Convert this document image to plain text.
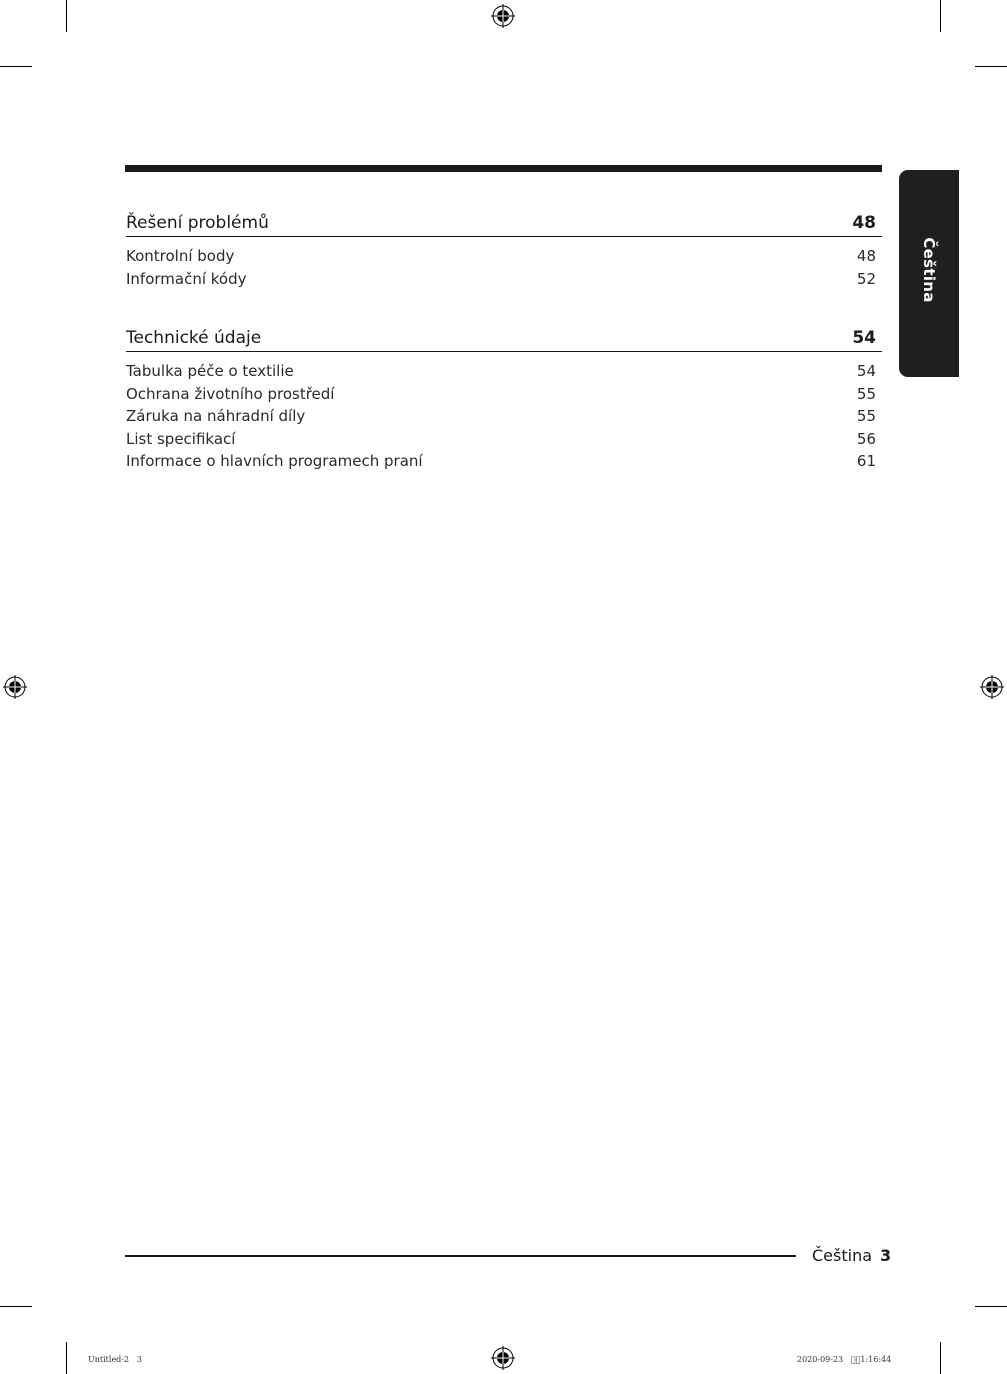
Čeština
Řešení problémů	48
Kontrolní body	48
Informační kódy	52
Technické údaje	54
Tabulka péče o textilie	54
Ochrana životního prostředí	55
Záruka na náhradní díly	55
List specifikací	56
Informace o hlavních programech praní	61
Čeština 3
Untitled-2   3	2020-09-23   ￿￿1:16:44
